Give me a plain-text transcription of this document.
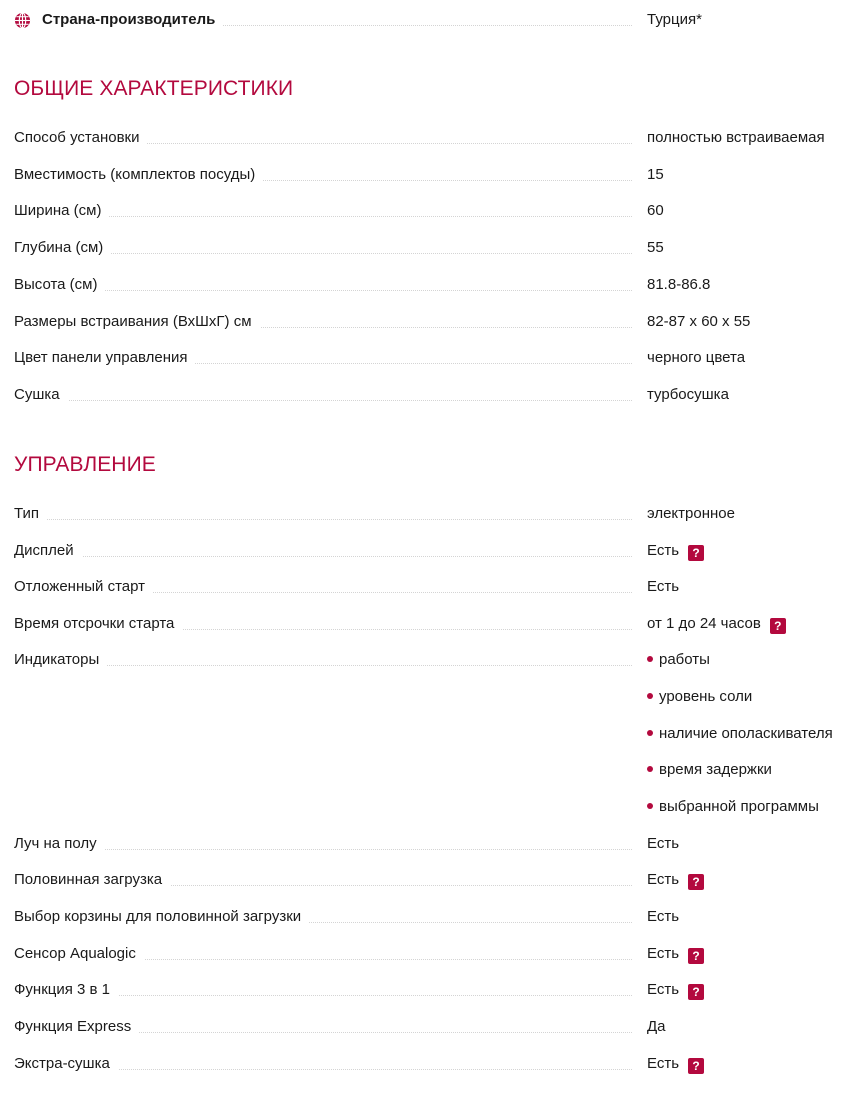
Страна-производитель	Турция*
ОБЩИЕ ХАРАКТЕРИСТИКИ
Способ установки	полностью встраиваемая
Вместимость (комплектов посуды)	15
Ширина (см)	60
Глубина (см)	55
Высота (см)	81.8-86.8
Размеры встраивания (ВхШхГ) см	82-87 х 60 х 55
Цвет панели управления	черного цвета
Сушка	турбосушка
УПРАВЛЕНИЕ
Тип	электронное
Дисплей	Есть ?
Отложенный старт	Есть
Время отсрочки старта	от 1 до 24 часов ?
Индикаторы	работы
уровень соли
наличие ополаскивателя
время задержки
выбранной программы
Луч на полу	Есть
Половинная загрузка	Есть ?
Выбор корзины для половинной загрузки	Есть
Сенсор Aqualogic	Есть ?
Функция 3 в 1	Есть ?
Функция Express	Да
Экстра-сушка	Есть ?
